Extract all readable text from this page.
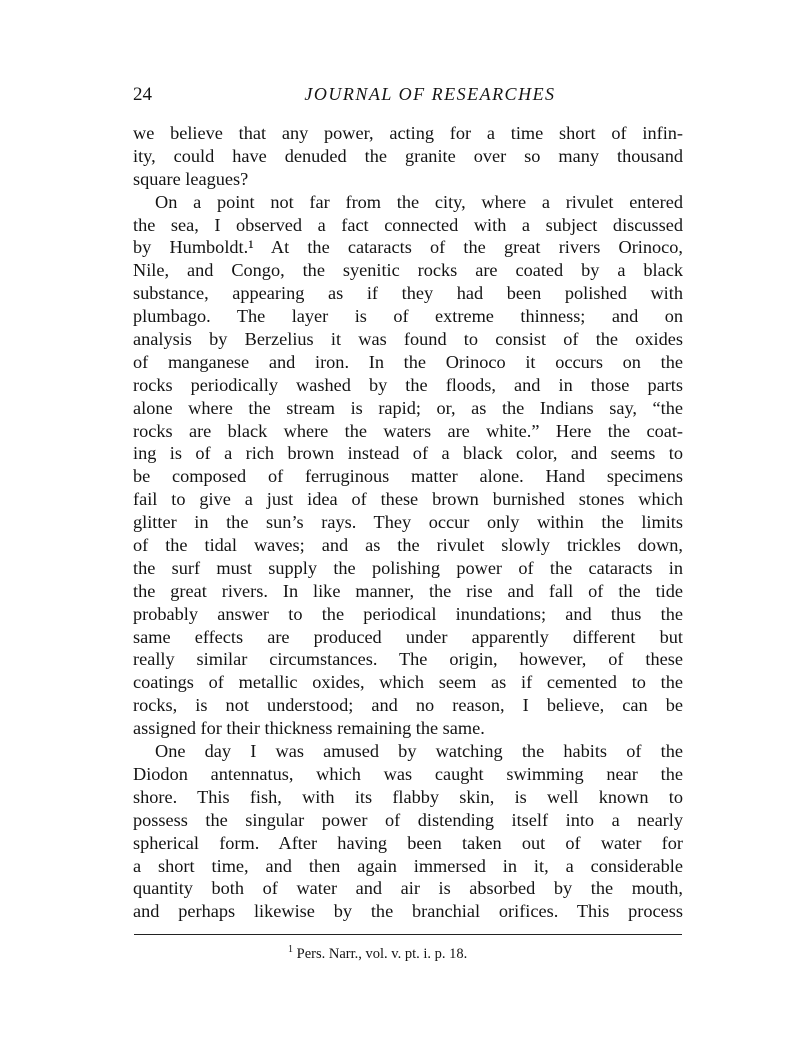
24	JOURNAL OF RESEARCHES
we believe that any power, acting for a time short of infin-
ity, could have denuded the granite over so many thousand
square leagues?
On a point not far from the city, where a rivulet entered
the sea, I observed a fact connected with a subject discussed
by Humboldt.¹ At the cataracts of the great rivers Orinoco,
Nile, and Congo, the syenitic rocks are coated by a black
substance, appearing as if they had been polished with
plumbago. The layer is of extreme thinness; and on
analysis by Berzelius it was found to consist of the oxides
of manganese and iron. In the Orinoco it occurs on the
rocks periodically washed by the floods, and in those parts
alone where the stream is rapid; or, as the Indians say, “the
rocks are black where the waters are white.” Here the coat-
ing is of a rich brown instead of a black color, and seems to
be composed of ferruginous matter alone. Hand specimens
fail to give a just idea of these brown burnished stones which
glitter in the sun’s rays. They occur only within the limits
of the tidal waves; and as the rivulet slowly trickles down,
the surf must supply the polishing power of the cataracts in
the great rivers. In like manner, the rise and fall of the tide
probably answer to the periodical inundations; and thus the
same effects are produced under apparently different but
really similar circumstances. The origin, however, of these
coatings of metallic oxides, which seem as if cemented to the
rocks, is not understood; and no reason, I believe, can be
assigned for their thickness remaining the same.
One day I was amused by watching the habits of the
Diodon antennatus, which was caught swimming near the
shore. This fish, with its flabby skin, is well known to
possess the singular power of distending itself into a nearly
spherical form. After having been taken out of water for
a short time, and then again immersed in it, a considerable
quantity both of water and air is absorbed by the mouth,
and perhaps likewise by the branchial orifices. This process
$^1$ Pers. Narr., vol. v. pt. i. p. 18.
